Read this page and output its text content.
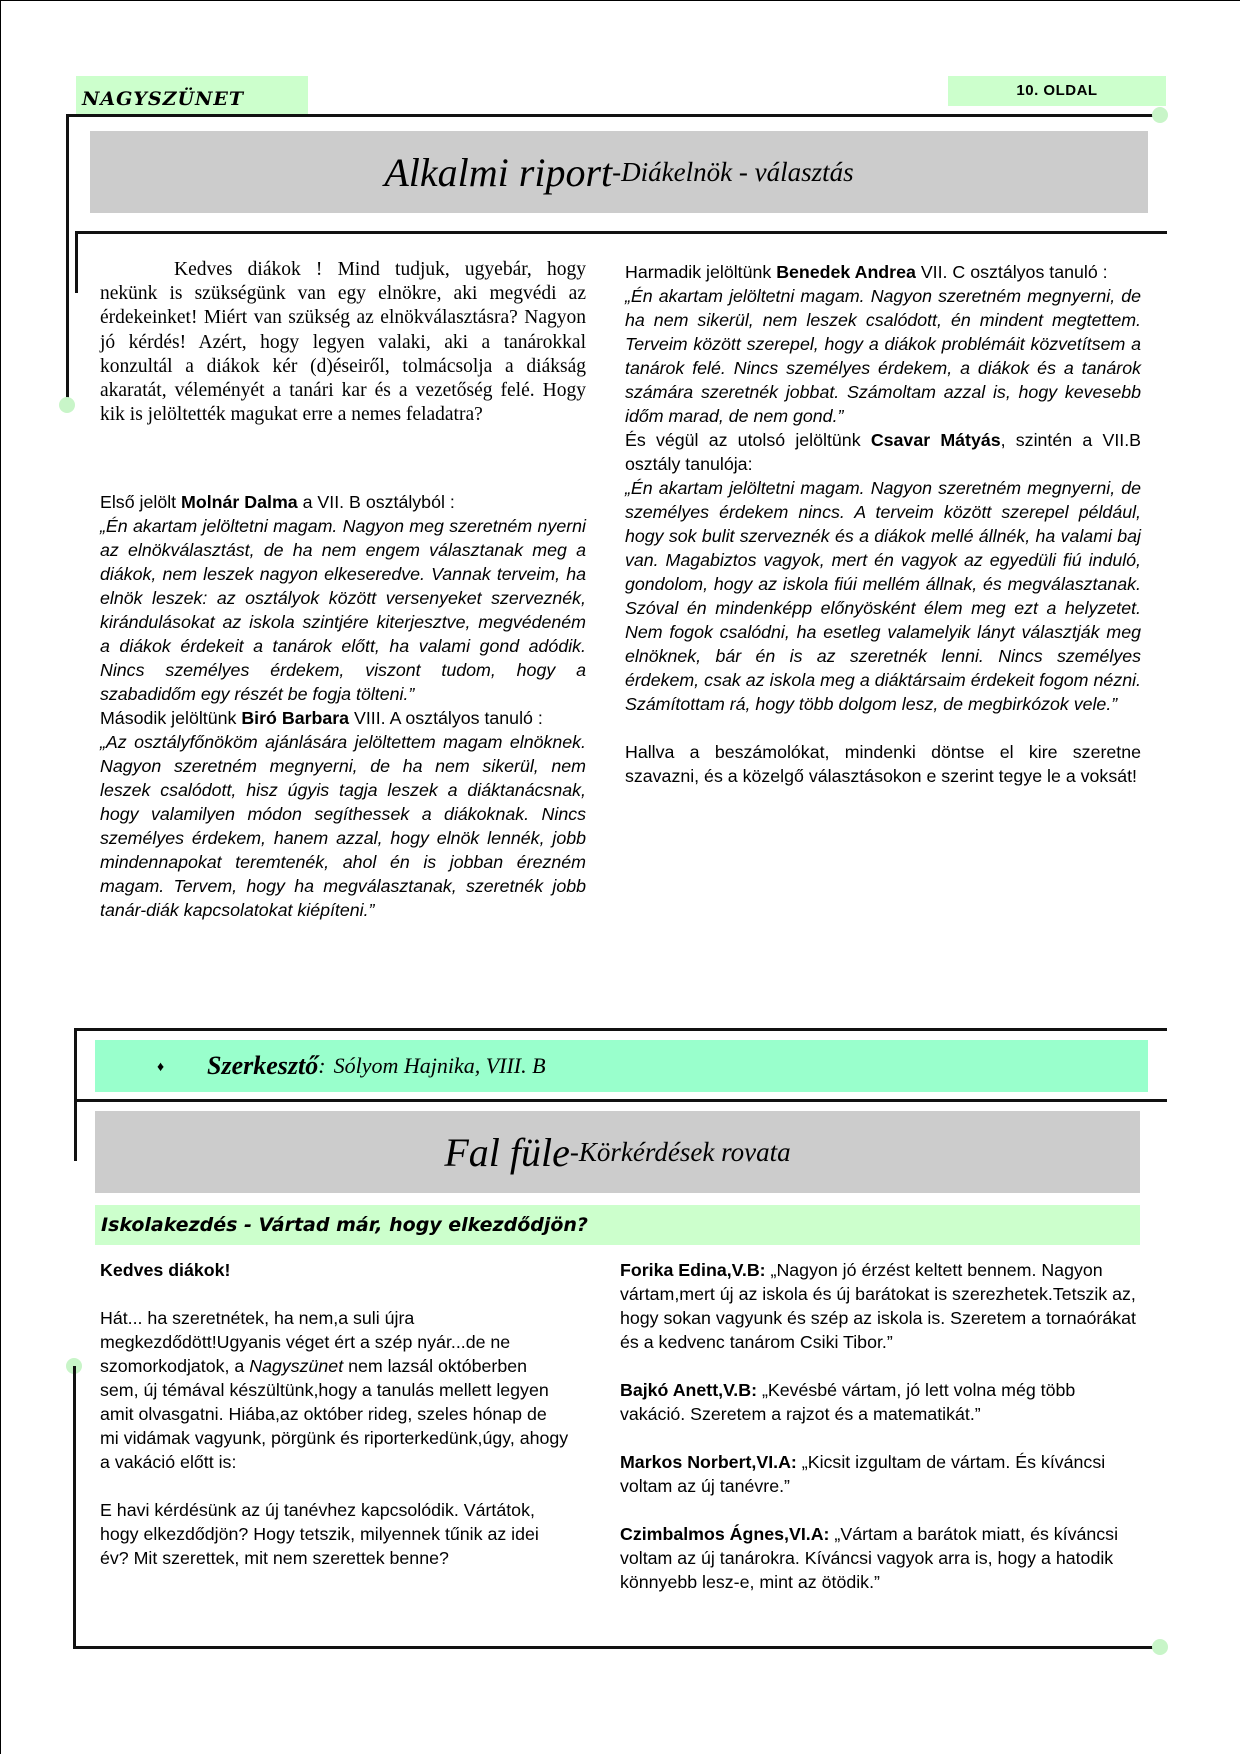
NAGYSZÜNET	10. OLDAL
Alkalmi riport - Diákelnök - választás
Kedves diákok ! Mind tudjuk, ugyebár, hogy nekünk is szükségünk van egy elnökre, aki megvédi az érdekeinket! Miért van szükség az elnökválasztásra? Nagyon jó kérdés! Azért, hogy legyen valaki, aki a tanárokkal konzultál a diákok kér (d)éseiről, tolmácsolja a diákság akaratát, véleményét a tanári kar és a vezetőség felé. Hogy kik is jelöltették magukat erre a nemes feladatra?

Első jelölt Molnár Dalma a VII. B osztályból :

„Én akartam jelöltetni magam. Nagyon meg szeretném nyerni az elnökválasztást, de ha nem engem választanak meg a diákok, nem leszek nagyon elkeseredve. Vannak terveim, ha elnök leszek: az osztályok között versenyeket szerveznék, kirándulásokat az iskola szintjére kiterjesztve, megvédeném a diákok érdekeit a tanárok előtt, ha valami gond adódik. Nincs személyes érdekem, viszont tudom, hogy a szabadidőm egy részét be fogja tölteni.”

Második jelöltünk Biró Barbara VIII. A osztályos tanuló :

„Az osztályfőnököm ajánlására jelöltettem magam elnöknek. Nagyon szeretném megnyerni, de ha nem sikerül, nem leszek csalódott, hisz úgyis tagja leszek a diáktanácsnak, hogy valamilyen módon segíthessek a diákoknak. Nincs személyes érdekem, hanem azzal, hogy elnök lennék, jobb mindennapokat teremtenék, ahol én is jobban érezném magam. Tervem, hogy ha megválasztanak, szeretnék jobb tanár-diák kapcsolatokat kiépíteni.”

Harmadik jelöltünk Benedek Andrea VII. C osztályos tanuló :

„Én akartam jelöltetni magam. Nagyon szeretném megnyerni, de ha nem sikerül, nem leszek csalódott, én mindent megtettem. Terveim között szerepel, hogy a diákok problémáit közvetítsem a tanárok felé. Nincs személyes érdekem, a diákok és a tanárok számára szeretnék jobbat. Számoltam azzal is, hogy kevesebb időm marad, de nem gond.”

És végül az utolsó jelöltünk Csavar Mátyás, szintén a VII.B osztály tanulója:

„Én akartam jelöltetni magam. Nagyon szeretném megnyerni, de személyes érdekem nincs. A terveim között szerepel például, hogy sok bulit szerveznék és a diákok mellé állnék, ha valami baj van. Magabiztos vagyok, mert én vagyok az egyedüli fiú induló, gondolom, hogy az iskola fiúi mellém állnak, és megválasztanak. Szóval én mindenképp előnyösként élem meg ezt a helyzetet. Nem fogok csalódni, ha esetleg valamelyik lányt választják meg elnöknek, bár én is az szeretnék lenni. Nincs személyes érdekem, csak az iskola meg a diáktársaim érdekeit fogom nézni. Számítottam rá, hogy több dolgom lesz, de megbirkózok vele.”

Hallva a beszámolókat, mindenki döntse el kire szeretne szavazni, és a közelgő választásokon e szerint tegye le a voksát!

♦	Szerkesztő : Sólyom Hajnika, VIII. B
Fal füle - Körkérdések rovata
Iskolakezdés - Vártad már, hogy elkezdődjön?

Kedves diákok!

Hát... ha szeretnétek, ha nem,a suli újra megkezdődött!Ugyanis véget ért a szép nyár...de ne szomorkodjatok, a Nagyszünet nem lazsál októberben sem, új témával készültünk,hogy a tanulás mellett legyen amit olvasgatni. Hiába,az október rideg, szeles hónap de mi vidámak vagyunk, pörgünk és riporterkedünk,úgy, ahogy a vakáció előtt is:

E havi kérdésünk az új tanévhez kapcsolódik. Vártátok, hogy elkezdődjön? Hogy tetszik, milyennek tűnik az idei év? Mit szerettek, mit nem szerettek benne?

Forika Edina,V.B: „Nagyon jó érzést keltett bennem. Nagyon vártam,mert új az iskola és új barátokat is szerezhetek.Tetszik az, hogy sokan vagyunk és szép az iskola is. Szeretem a tornaórákat és a kedvenc tanárom Csiki Tibor.”

Bajkó Anett,V.B: „Kevésbé vártam, jó lett volna még több vakáció. Szeretem a rajzot és a matematikát.”

Markos Norbert,VI.A: „Kicsit izgultam de vártam. És kíváncsi voltam az új tanévre.”

Czimbalmos Ágnes,VI.A: „Vártam a barátok miatt, és kíváncsi voltam az új tanárokra. Kíváncsi vagyok arra is, hogy a hatodik könnyebb lesz-e, mint az ötödik.”
